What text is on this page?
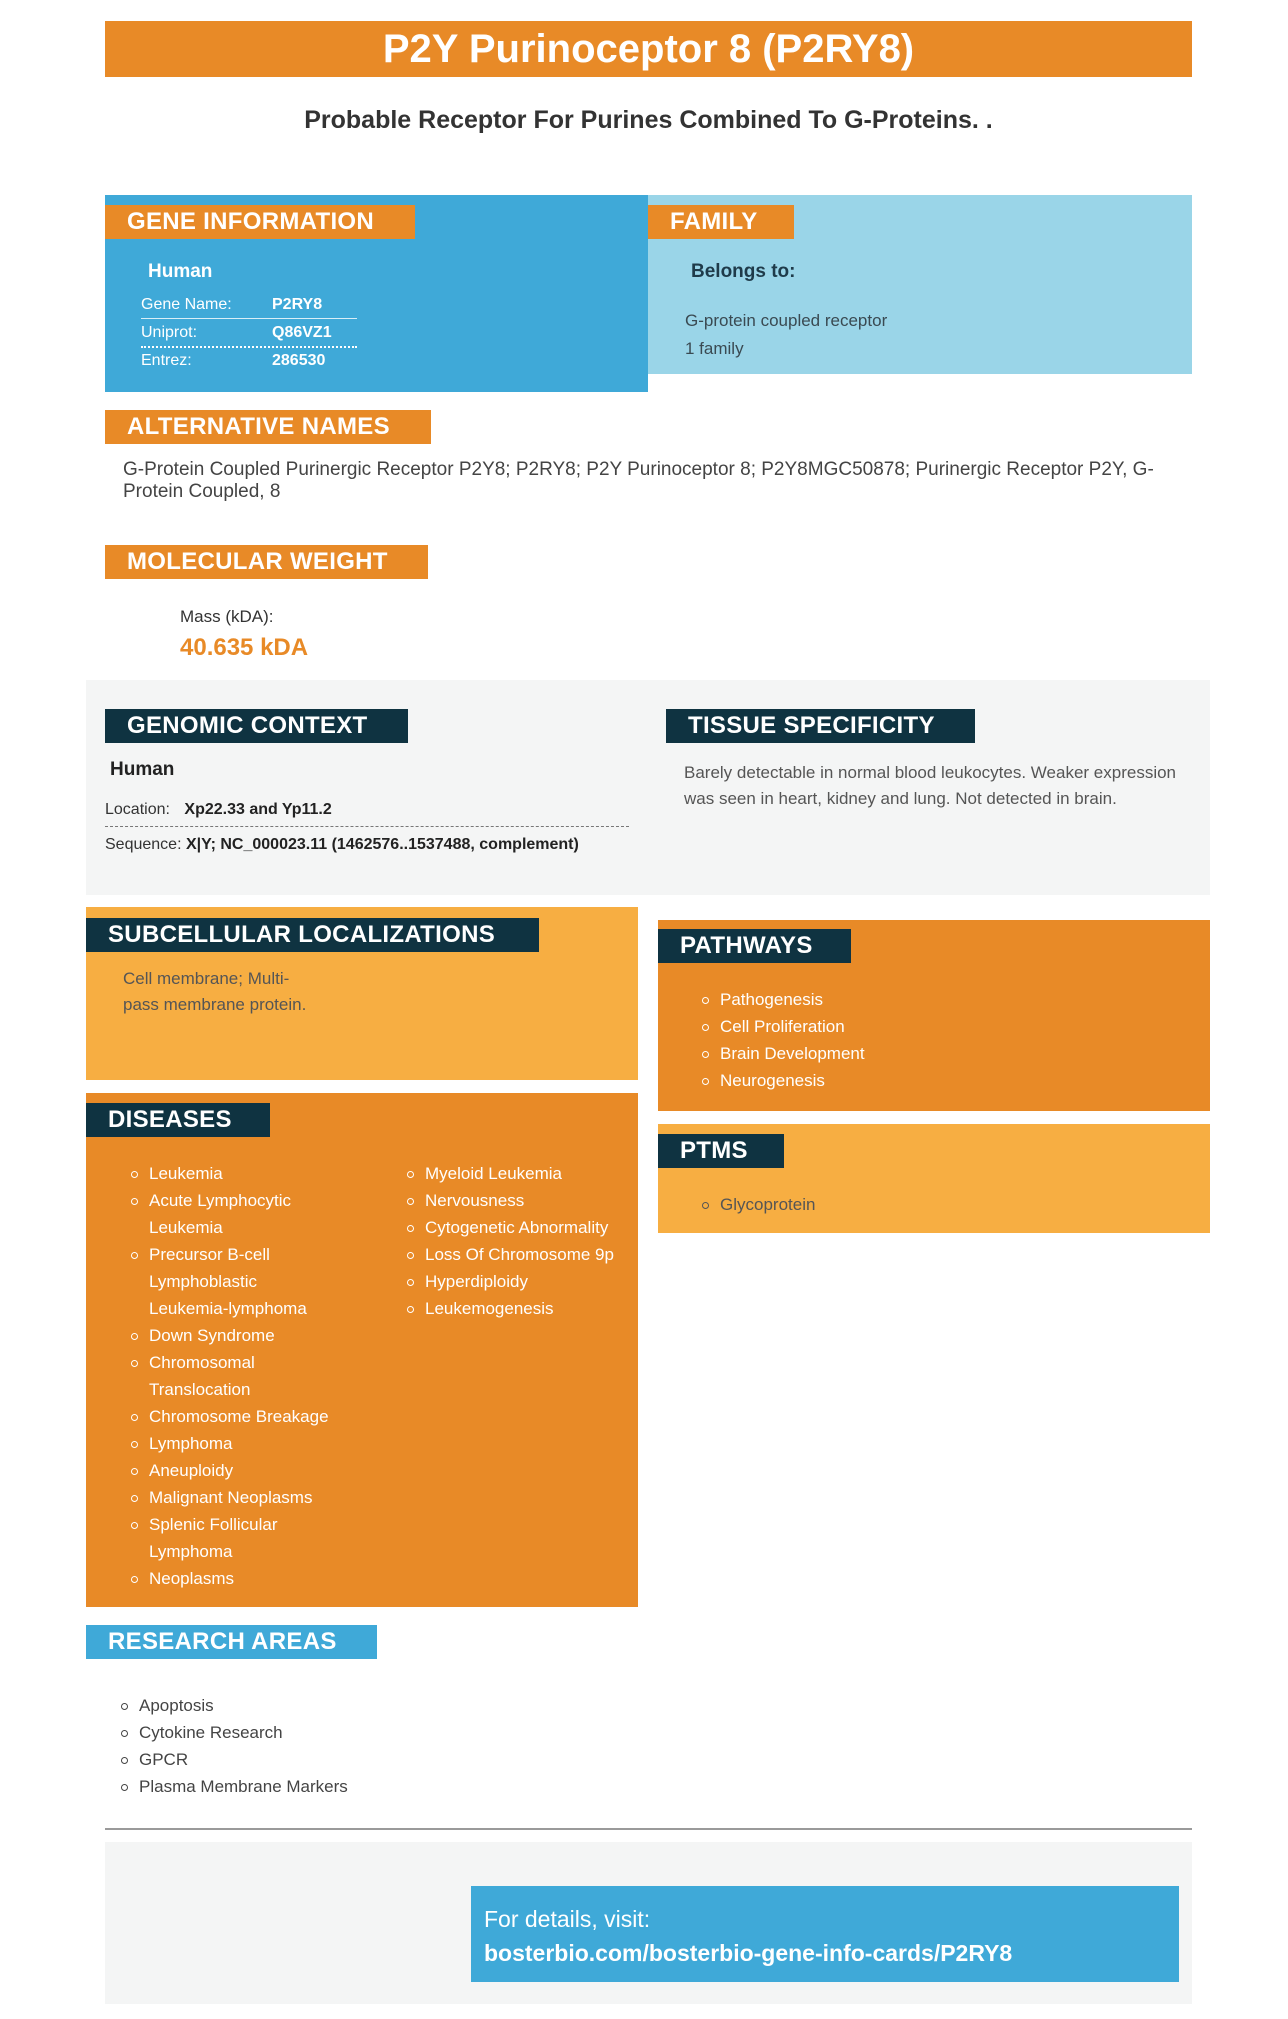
P2Y Purinoceptor 8 (P2RY8)
Probable Receptor For Purines Combined To G-Proteins. .
GENE INFORMATION
Human
Gene Name:	P2RY8
Uniprot:	Q86VZ1
Entrez:	286530
FAMILY
Belongs to:
G-protein coupled receptor
1 family
ALTERNATIVE NAMES
G-Protein Coupled Purinergic Receptor P2Y8; P2RY8; P2Y Purinoceptor 8; P2Y8MGC50878; Purinergic Receptor P2Y, G-Protein Coupled, 8
MOLECULAR WEIGHT
Mass (kDA):
40.635 kDA
GENOMIC CONTEXT
Human
Location: Xp22.33 and Yp11.2
Sequence: X|Y; NC_000023.11 (1462576..1537488, complement)
TISSUE SPECIFICITY
Barely detectable in normal blood leukocytes. Weaker expression was seen in heart, kidney and lung. Not detected in brain.
SUBCELLULAR LOCALIZATIONS
Cell membrane; Multi-
pass membrane protein.
PATHWAYS
Pathogenesis
Cell Proliferation
Brain Development
Neurogenesis
PTMS
Glycoprotein
DISEASES
Leukemia
Acute Lymphocytic
Leukemia
Precursor B-cell
Lymphoblastic
Leukemia-lymphoma
Down Syndrome
Chromosomal
Translocation
Chromosome Breakage
Lymphoma
Aneuploidy
Malignant Neoplasms
Splenic Follicular
Lymphoma
Neoplasms
Myeloid Leukemia
Nervousness
Cytogenetic Abnormality
Loss Of Chromosome 9p
Hyperdiploidy
Leukemogenesis
RESEARCH AREAS
Apoptosis
Cytokine Research
GPCR
Plasma Membrane Markers
For details, visit:
bosterbio.com/bosterbio-gene-info-cards/P2RY8
